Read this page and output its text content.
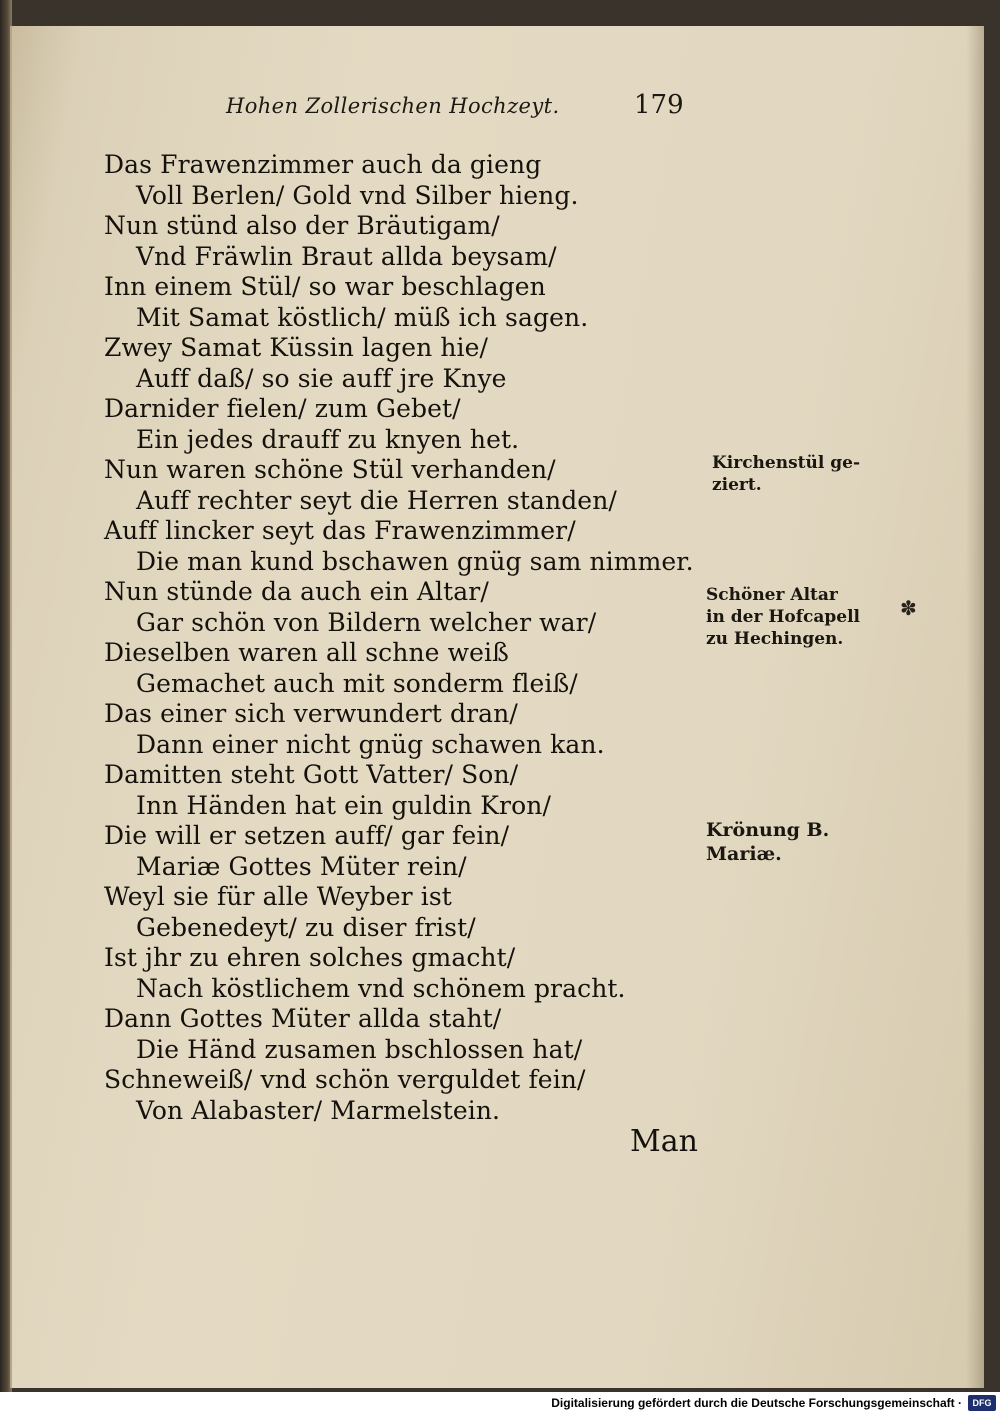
Hohen Zollerischen Hochzeyt.	179
Das Frawenzimmer auch da gieng
Voll Berlen/ Gold vnd Silber hieng.
Nun stünd also der Bräutigam/
Vnd Fräwlin Braut allda beysam/
Inn einem Stül/ so war beschlagen
Mit Samat köstlich/ müß ich sagen.
Zwey Samat Küssin lagen hie/
Auff daß/ so sie auff jre Knye
Darnider fielen/ zum Gebet/
Ein jedes drauff zu knyen het.
Nun waren schöne Stül verhanden/
Auff rechter seyt die Herren standen/
Auff lincker seyt das Frawenzimmer/
Die man kund bschawen gnüg sam nimmer.
Nun stünde da auch ein Altar/
Gar schön von Bildern welcher war/
Dieselben waren all schne weiß
Gemachet auch mit sonderm fleiß/
Das einer sich verwundert dran/
Dann einer nicht gnüg schawen kan.
Damitten steht Gott Vatter/ Son/
Inn Händen hat ein guldin Kron/
Die will er setzen auff/ gar fein/
Mariæ Gottes Müter rein/
Weyl sie für alle Weyber ist
Gebenedeyt/ zu diser frist/
Ist jhr zu ehren solches gmacht/
Nach köstlichem vnd schönem pracht.
Dann Gottes Müter allda staht/
Die Händ zusamen bschlossen hat/
Schneweiß/ vnd schön verguldet fein/
Von Alabaster/ Marmelstein.
Kirchenstül ge-
ziert.
Schöner Altar
in der Hofcapell
zu Hechingen.
Krönung B.
Mariæ.
✽
Man
Digitalisierung gefördert durch die Deutsche Forschungsgemeinschaft ·	DFG
